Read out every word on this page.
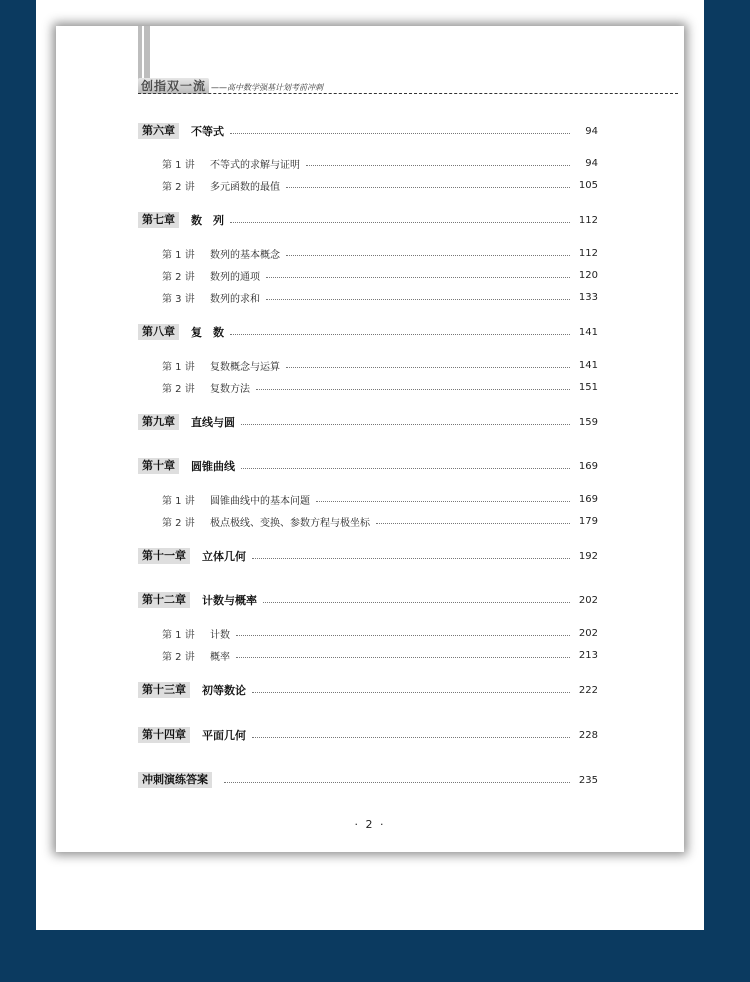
创指双一流 ——高中数学强基计划考前冲刺
第六章	不等式	94
第 1 讲	不等式的求解与证明	94
第 2 讲	多元函数的最值	105
第七章	数　列	112
第 1 讲	数列的基本概念	112
第 2 讲	数列的通项	120
第 3 讲	数列的求和	133
第八章	复　数	141
第 1 讲	复数概念与运算	141
第 2 讲	复数方法	151
第九章	直线与圆	159
第十章	圆锥曲线	169
第 1 讲	圆锥曲线中的基本问题	169
第 2 讲	极点极线、变换、参数方程与极坐标	179
第十一章	立体几何	192
第十二章	计数与概率	202
第 1 讲	计数	202
第 2 讲	概率	213
第十三章	初等数论	222
第十四章	平面几何	228
冲刺演练答案	235
· 2 ·
